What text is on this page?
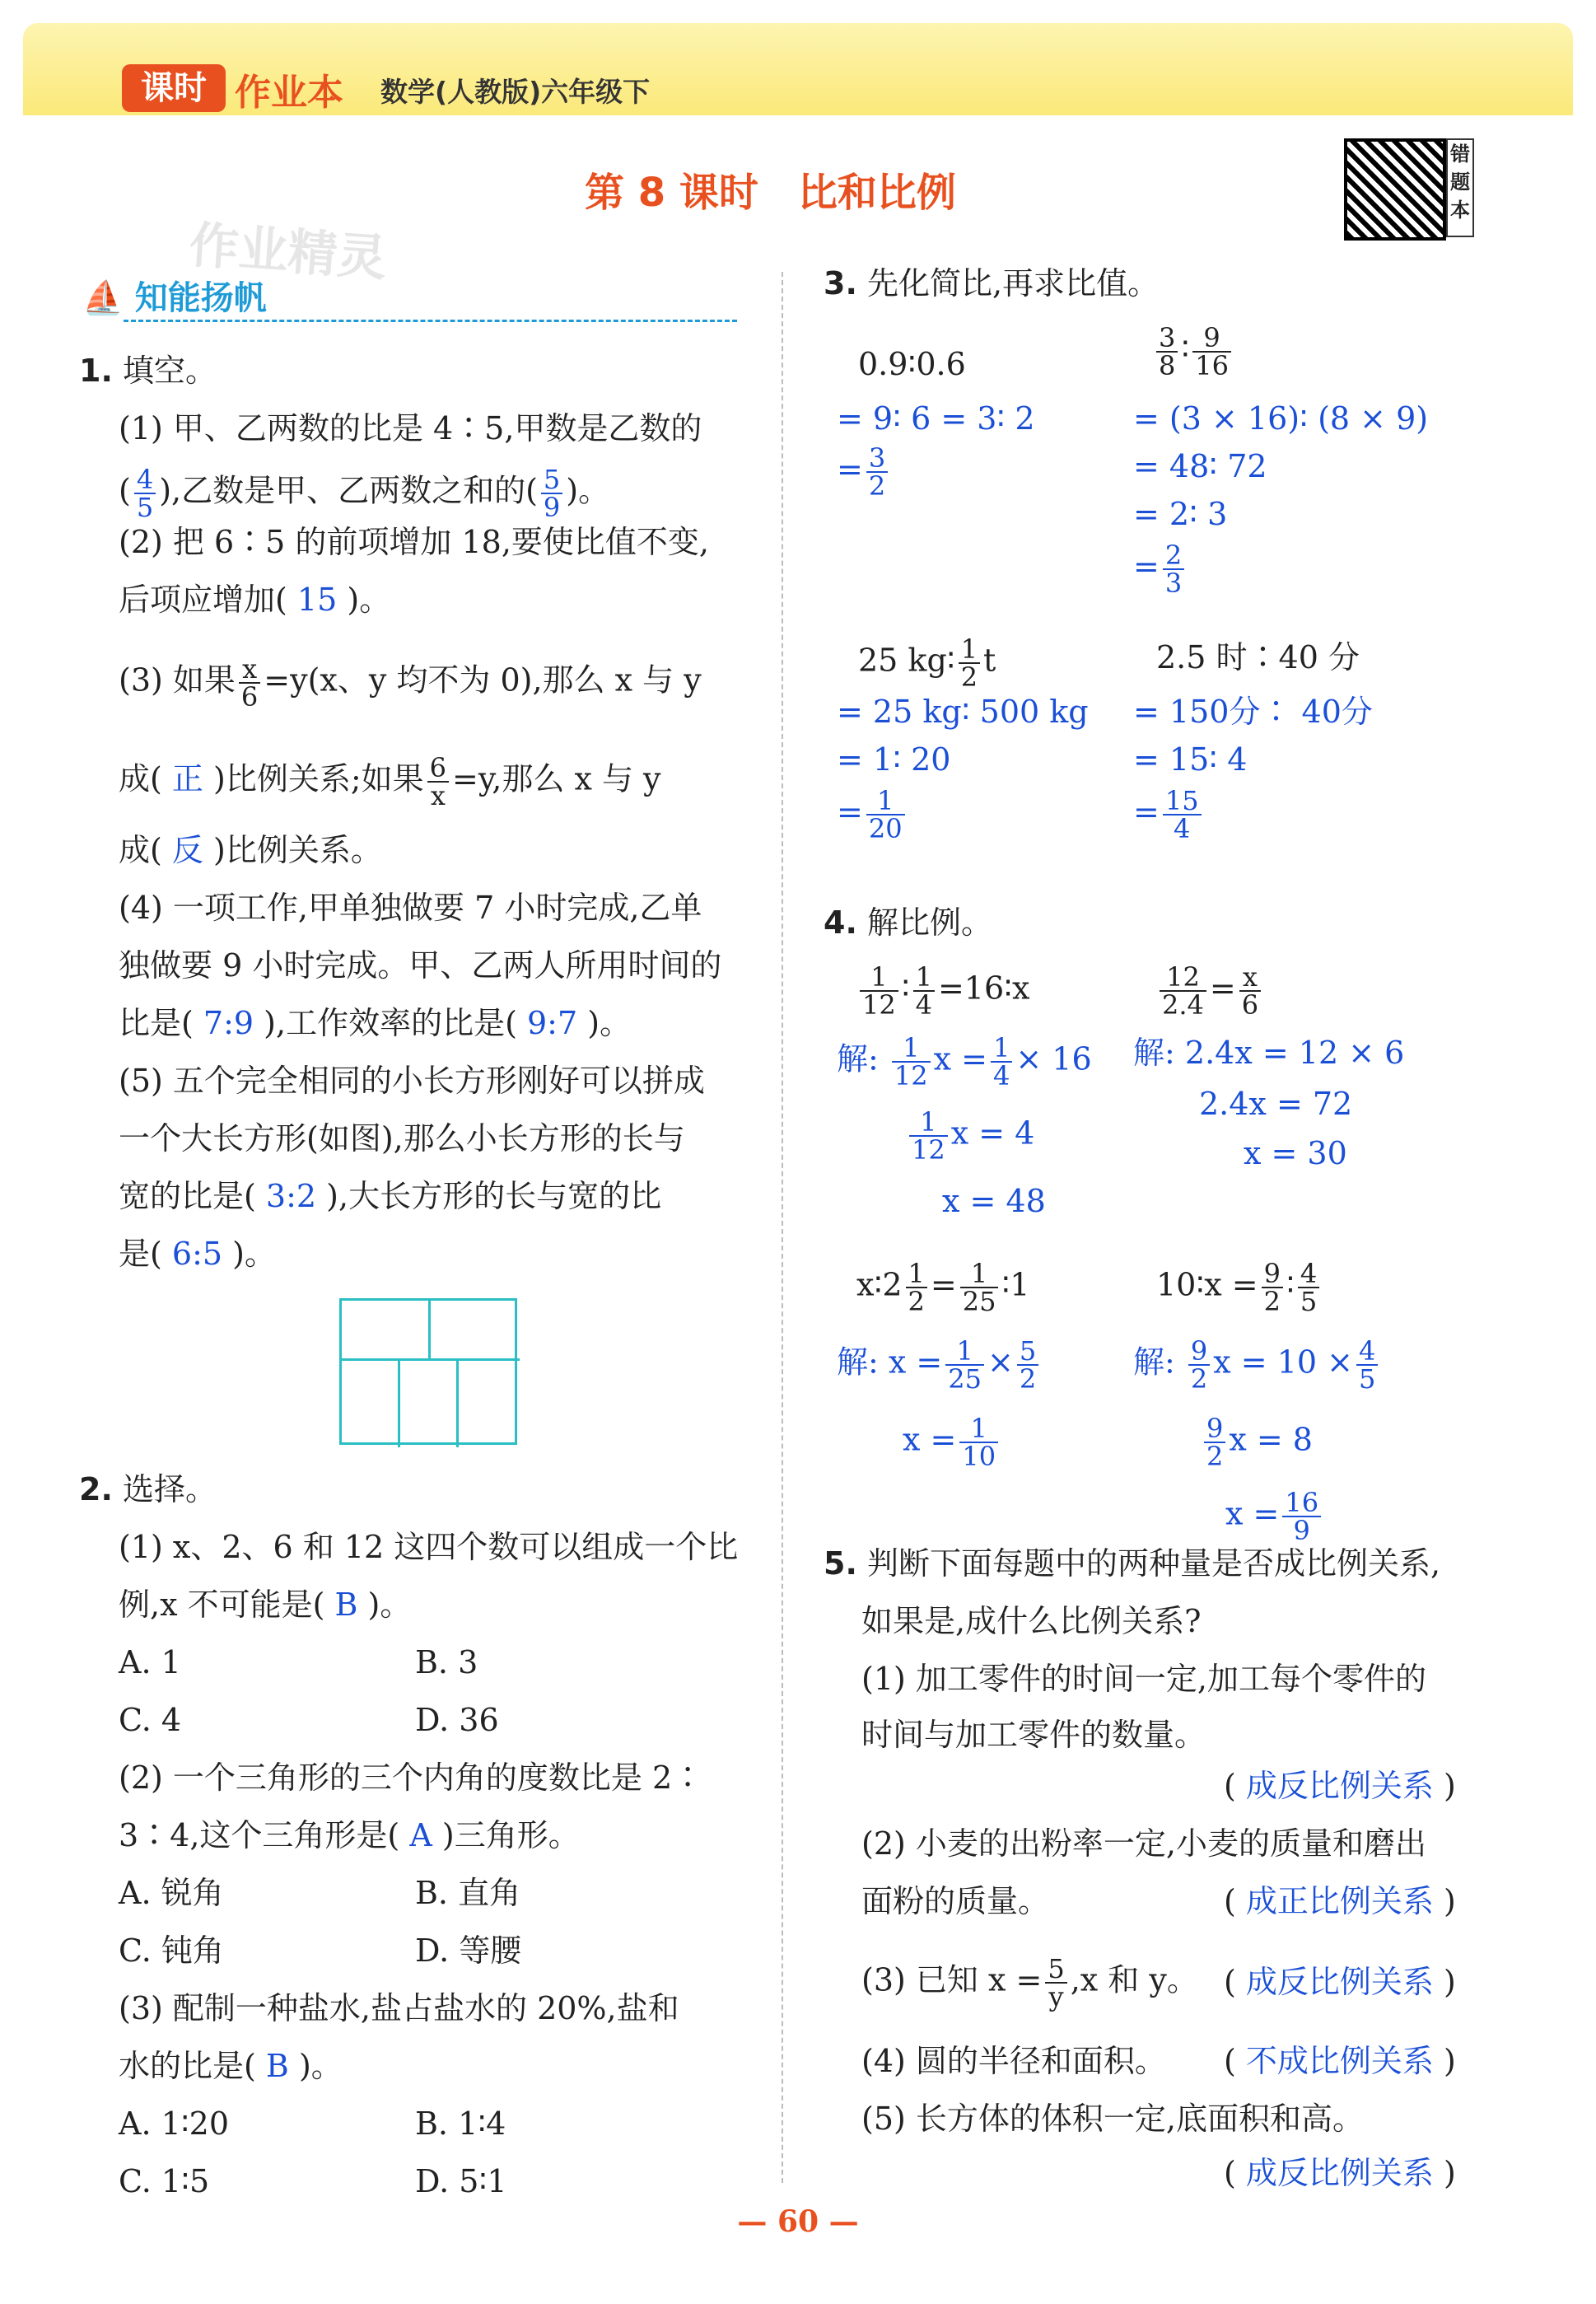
课时 作业本 数学(人教版)六年级下
第 8 课时　比和比例
错题本
作业精灵
⛵ 知能扬帆
1. 填空。
(1) 甲、乙两数的比是 4∶5,甲数是乙数的
( $\frac{4}{5}$ ),乙数是甲、乙两数之和的( $\frac{5}{9}$ )。
(2) 把 6∶5 的前项增加 18,要使比值不变,
后项应增加( 15 )。
(3) 如果 $\frac{x}{6} =y(x$、y 均不为 0),那么 x 与 y
成( 正 )比例关系;如果 $\frac{6}{x} =y$,那么 x 与 y
成( 反 )比例关系。
(4) 一项工作,甲单独做要 7 小时完成,乙单
独做要 9 小时完成。甲、乙两人所用时间的
比是( 7:9 ),工作效率的比是( 9:7 )。
(5) 五个完全相同的小长方形刚好可以拼成
一个大长方形(如图),那么小长方形的长与
宽的比是( 3:2 ),大长方形的长与宽的比
是( 6:5 )。
2. 选择。
(1) x、2、6 和 12 这四个数可以组成一个比
例,x 不可能是( B )。
A. 1	B. 3
C. 4	D. 36
(2) 一个三角形的三个内角的度数比是 2∶
3∶4,这个三角形是( A )三角形。
A. 锐角	B. 直角
C. 钝角	D. 等腰
(3) 配制一种盐水,盐占盐水的 20%,盐和
水的比是( B )。
A. 1∶20	B. 1∶4
C. 1∶5	D. 5∶1
3. 先化简比,再求比值。
0.9∶0.6
= 9∶ 6 = 3∶ 2
= $\frac{3}{2}$
$\frac{3}{8}$ ∶ $\frac{9}{16}$
= (3 × 16)∶ (8 × 9)
= 48∶ 72
= 2∶ 3
= $\frac{2}{3}$
25 kg∶ $\frac{1}{2}$ t
= 25 kg∶ 500 kg
= 1∶ 20
= $\frac{1}{20}$
2.5 时∶40 分
= 150分∶ 40分
= 15∶ 4
= $\frac{15}{4}$
4. 解比例。
$\frac{1}{12}$ ∶ $\frac{1}{4}$ =16∶x
解: $\frac{1}{12}$ $x = \frac{1}{4} \times 16$
$\frac{1}{12}$ x = 4
x = 48
$\frac{12}{2.4} = \frac{x}{6}$
解: 2.4x = 12 × 6
2.4x = 72
x = 30
x∶2 $\frac{1}{2} = \frac{1}{25}$ ∶1
解: $x = \frac{1}{25} \times \frac{5}{2}$
$x = \frac{1}{10}$
10∶x = $\frac{9}{2}$ ∶ $\frac{4}{5}$
解: $\frac{9}{2}$ $x = 10 \times \frac{4}{5}$
$\frac{9}{2}$ x = 8
$x = \frac{16}{9}$
5. 判断下面每题中的两种量是否成比例关系,
如果是,成什么比例关系?
(1) 加工零件的时间一定,加工每个零件的
时间与加工零件的数量。
( 成反比例关系 )
(2) 小麦的出粉率一定,小麦的质量和磨出
面粉的质量。	( 成正比例关系 )
(3) 已知 $x = \frac{5}{y} ,x$ 和 y。 ( 成反比例关系 )
(4) 圆的半径和面积。 ( 不成比例关系 )
(5) 长方体的体积一定,底面积和高。
( 成反比例关系 )
— 60 —
